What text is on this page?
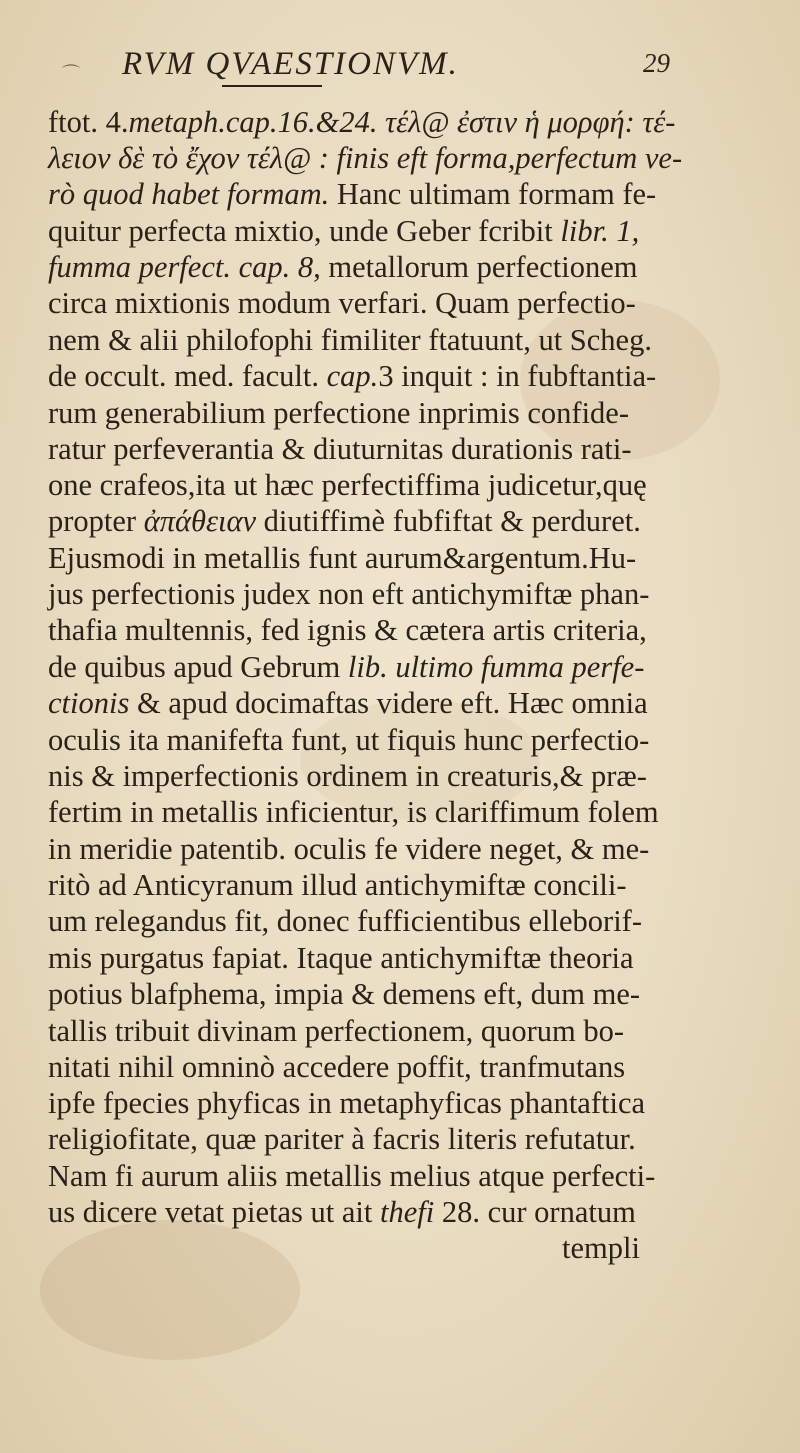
⌒ RVM QVAESTIONVM.	29
ftot. 4.metaph.cap.16.&24. τέλ@ ἐστιν ἡ μορφή: τέ-
λειον δὲ τὸ ἔχον τέλ@ : finis eft forma,perfectum ve-
rò quod habet formam. Hanc ultimam formam fe-
quitur perfecta mixtio, unde Geber fcribit libr. 1,
fumma perfect. cap. 8, metallorum perfectionem
circa mixtionis modum verfari. Quam perfectio-
nem & alii philofophi fimiliter ftatuunt, ut Scheg.
de occult. med. facult. cap.3 inquit : in fubftantia-
rum generabilium perfectione inprimis confide-
ratur perfeverantia & diuturnitas durationis rati-
one crafeos,ita ut hæc perfectiffima judicetur,quę
propter ἀπάθειαν diutiffimè fubfiftat & perduret.
Ejusmodi in metallis funt aurum&argentum.Hu-
jus perfectionis judex non eft antichymiftæ phan-
thafia multennis, fed ignis & cætera artis criteria,
de quibus apud Gebrum lib. ultimo fumma perfe-
ctionis & apud docimaftas videre eft. Hæc omnia
oculis ita manifefta funt, ut fiquis hunc perfectio-
nis & imperfectionis ordinem in creaturis,& præ-
fertim in metallis inficientur, is clariffimum folem
in meridie patentib. oculis fe videre neget, & me-
ritò ad Anticyranum illud antichymiftæ concili-
um relegandus fit, donec fufficientibus elleborif-
mis purgatus fapiat. Itaque antichymiftæ theoria
potius blafphema, impia & demens eft, dum me-
tallis tribuit divinam perfectionem, quorum bo-
nitati nihil omninò accedere poffit, tranfmutans
ipfe fpecies phyficas in metaphyficas phantaftica
religiofitate, quæ pariter à facris literis refutatur.
Nam fi aurum aliis metallis melius atque perfecti-
us dicere vetat pietas ut ait thefi 28. cur ornatum
templi
